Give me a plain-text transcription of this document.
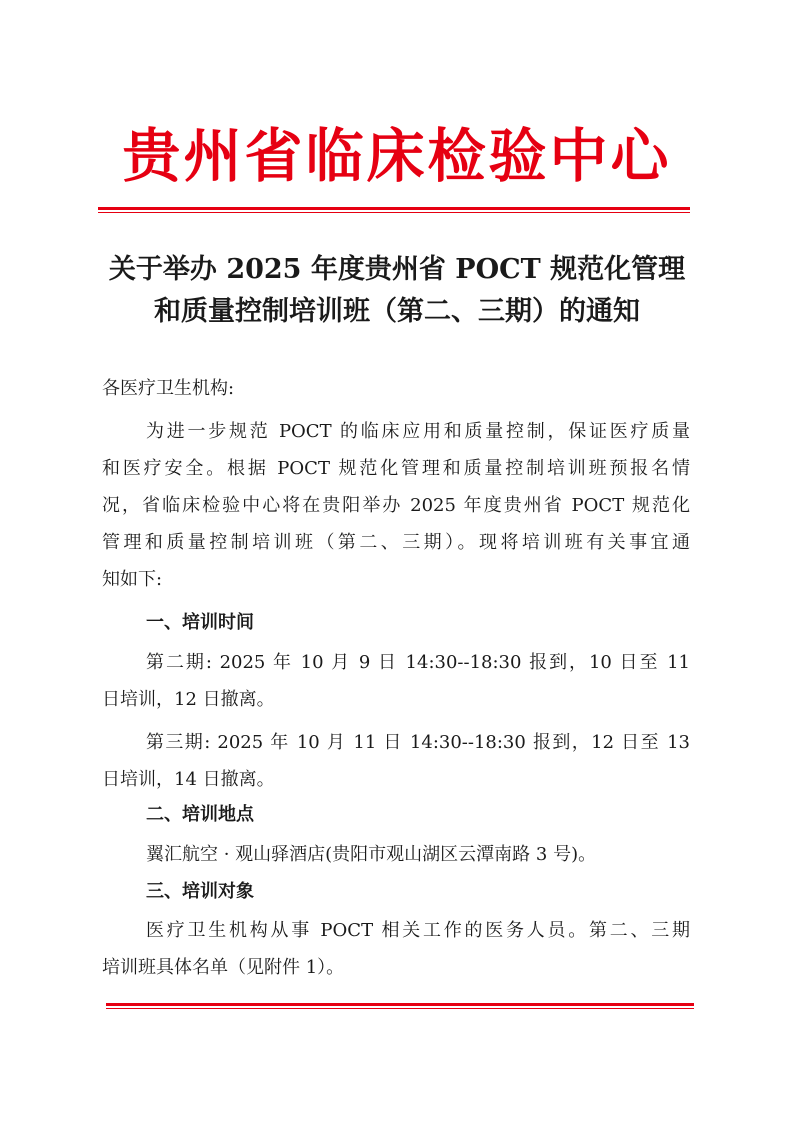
贵州省临床检验中心
关于举办 2025 年度贵州省 POCT 规范化管理
和质量控制培训班（第二、三期）的通知
各医疗卫生机构:
为进一步规范 POCT 的临床应用和质量控制，保证医疗质量
和医疗安全。根据 POCT 规范化管理和质量控制培训班预报名情
况，省临床检验中心将在贵阳举办 2025 年度贵州省 POCT 规范化
管理和质量控制培训班（第二、三期）。现将培训班有关事宜通
知如下:
一、培训时间
第二期: 2025 年 10 月 9 日 14:30--18:30 报到，10 日至 11
日培训，12 日撤离。
第三期: 2025 年 10 月 11 日 14:30--18:30 报到，12 日至 13
日培训，14 日撤离。
二、培训地点
翼汇航空 · 观山驿酒店(贵阳市观山湖区云潭南路 3 号)。
三、培训对象
医疗卫生机构从事 POCT 相关工作的医务人员。第二、三期
培训班具体名单（见附件 1）。
